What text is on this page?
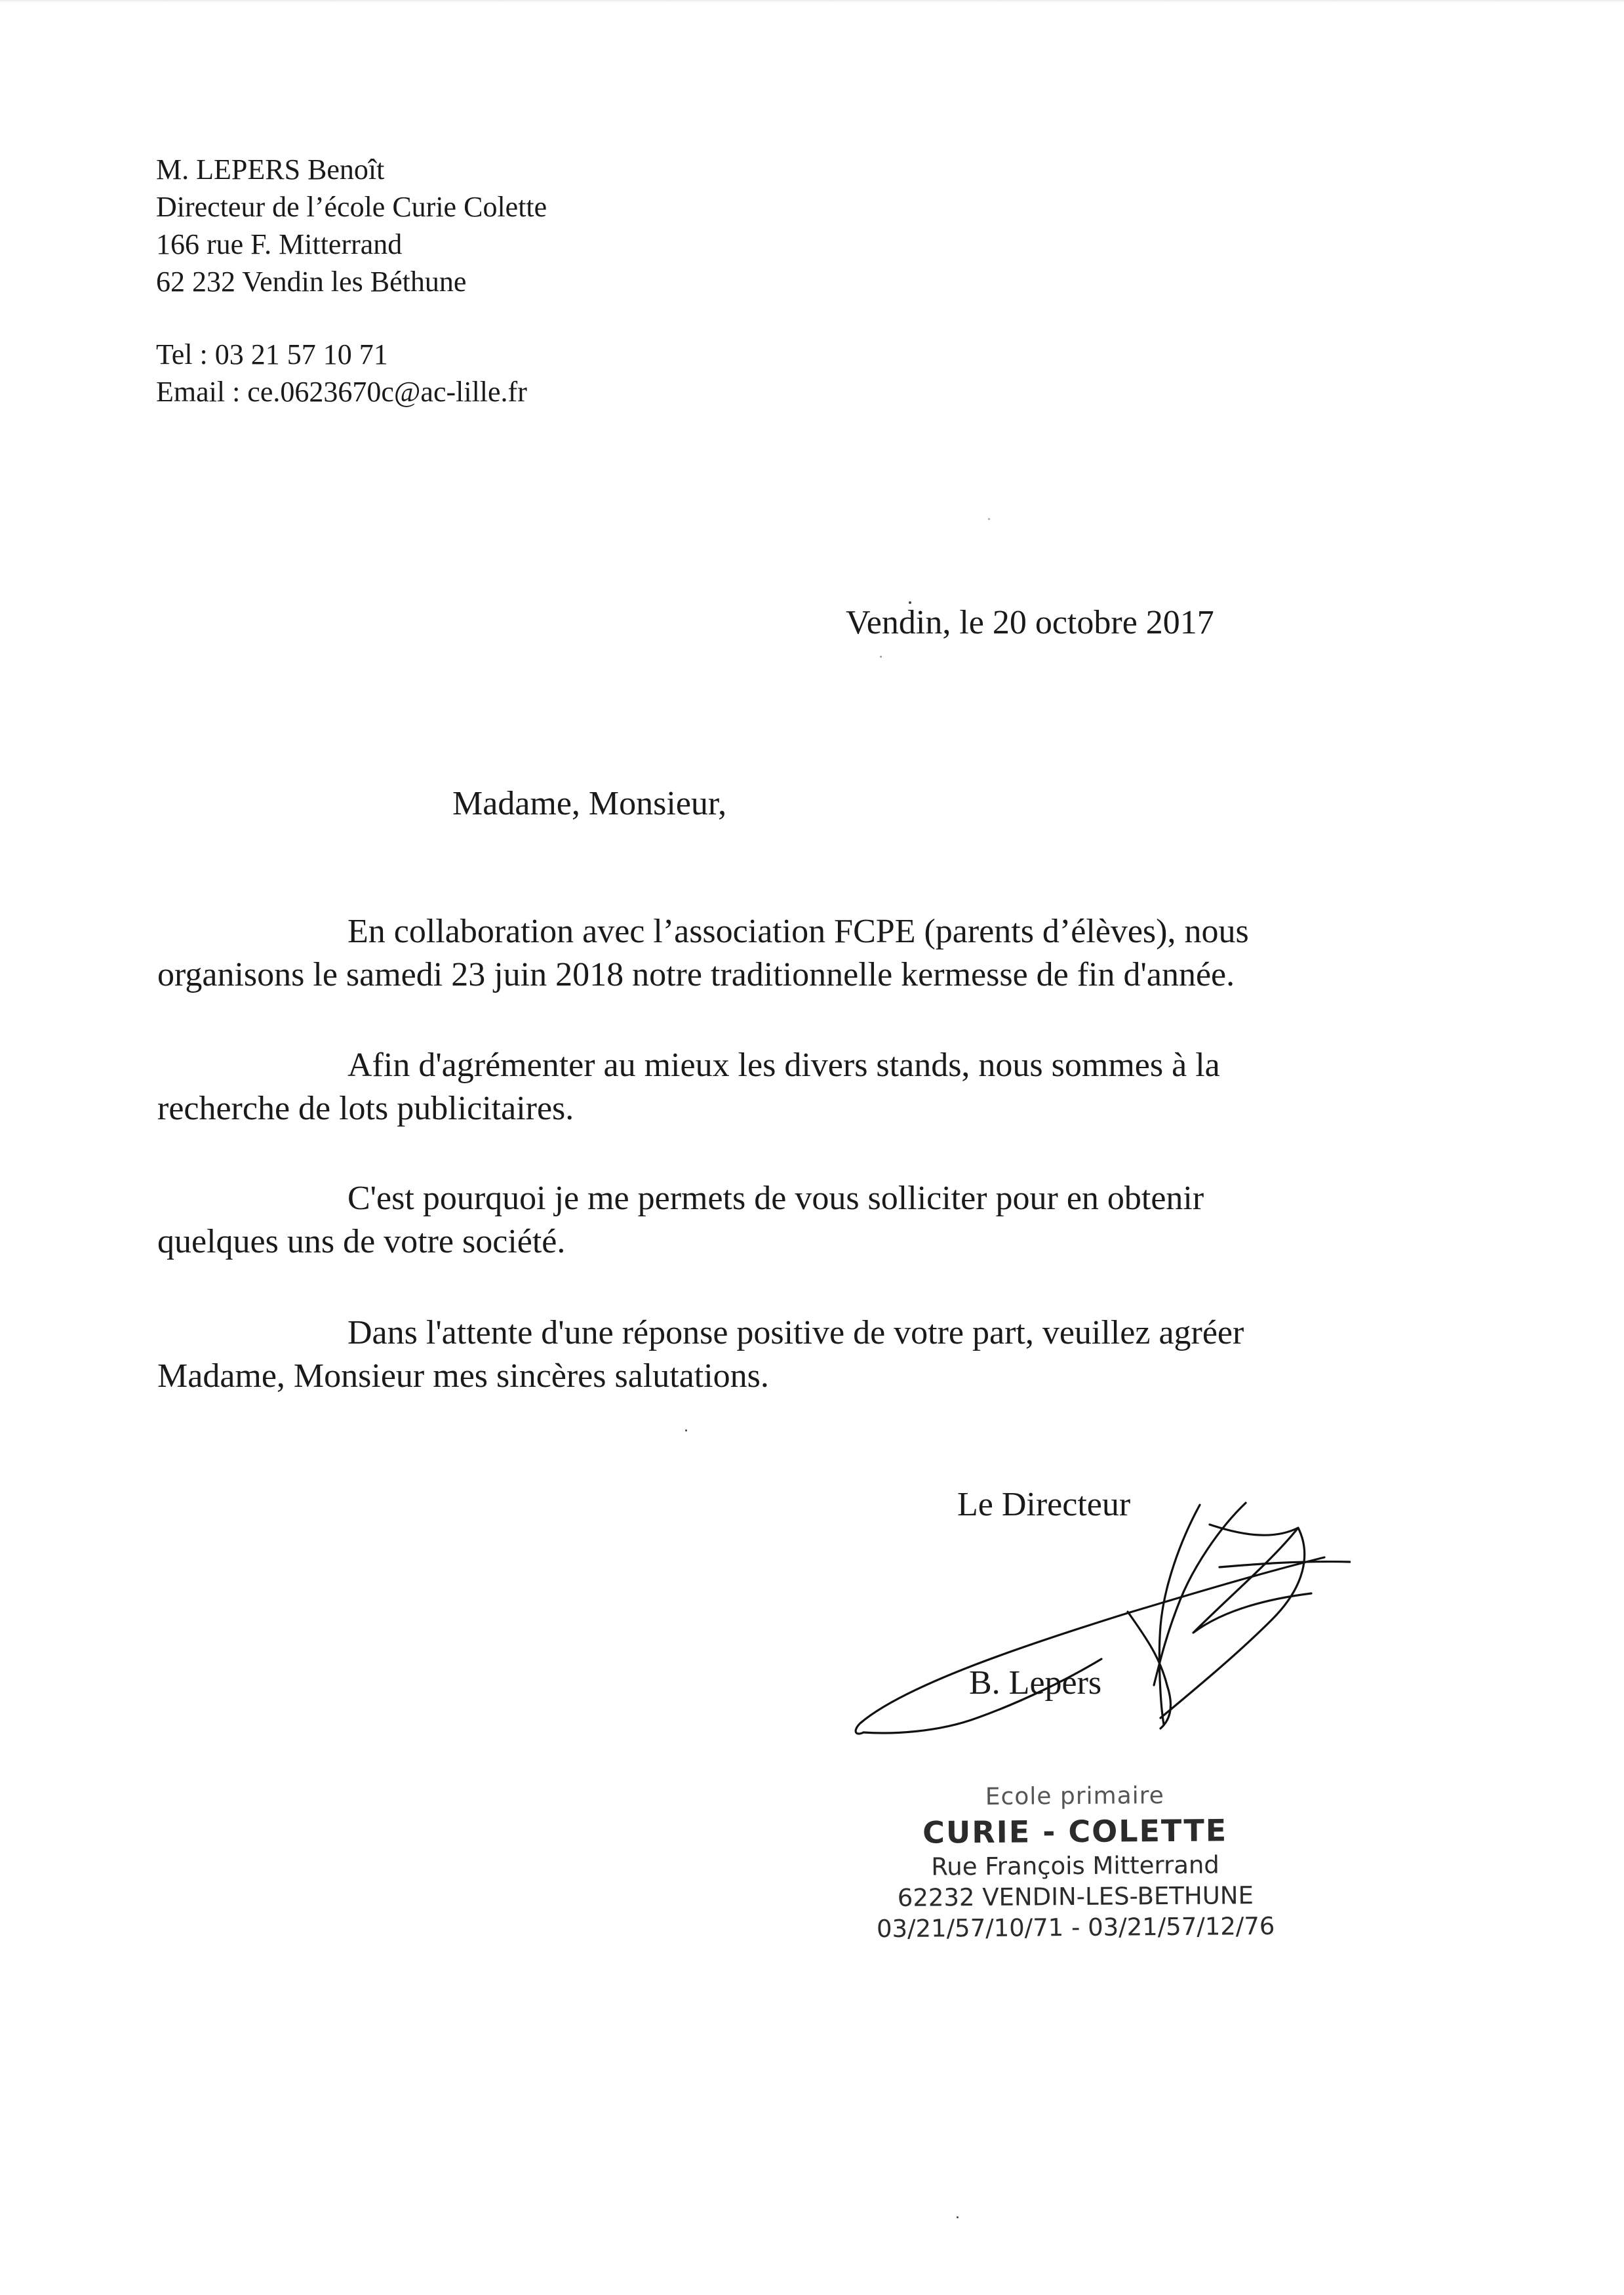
M. LEPERS Benoît
Directeur de l’école Curie Colette
166 rue F. Mitterrand
62 232 Vendin les Béthune
Tel : 03 21 57 10 71
Email : ce.0623670c@ac-lille.fr
Vendin, le 20 octobre 2017
Madame, Monsieur,
En collaboration avec l’association FCPE (parents d’élèves), nous
organisons le samedi 23 juin 2018 notre traditionnelle kermesse de fin d'année.
Afin d'agrémenter au mieux les divers stands, nous sommes à la
recherche de lots publicitaires.
C'est pourquoi je me permets de vous solliciter pour en obtenir
quelques uns de votre société.
Dans l'attente d'une réponse positive de votre part, veuillez agréer
Madame, Monsieur mes sincères salutations.
Le Directeur
B. Lepers
Ecole primaire
CURIE - COLETTE
Rue François Mitterrand
62232 VENDIN-LES-BETHUNE
03/21/57/10/71 - 03/21/57/12/76
